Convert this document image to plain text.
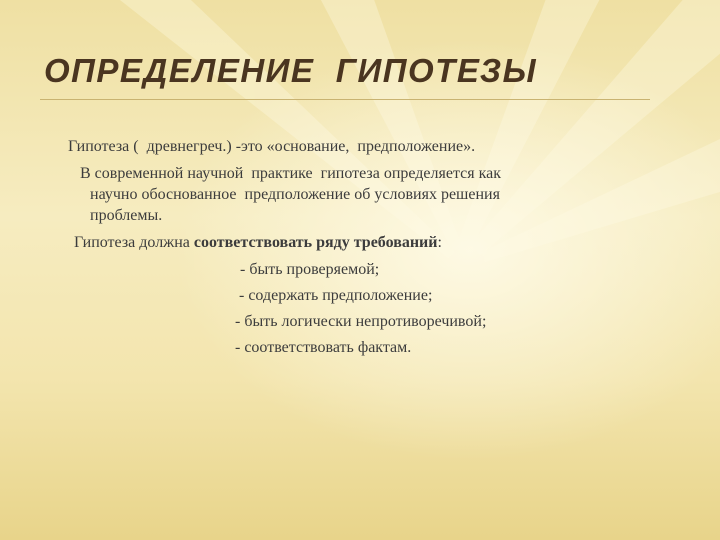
ОПРЕДЕЛЕНИЕ  ГИПОТЕЗЫ

Гипотеза (  древнегреч.) -это «основание,  предположение».

В современной научной  практике  гипотеза определяется как

научно обоснованное  предположение об условиях решения

проблемы.

Гипотеза должна соответствовать ряду требований:

- быть проверяемой;

- содержать предположение;

- быть логически непротиворечивой;

- соответствовать фактам.
